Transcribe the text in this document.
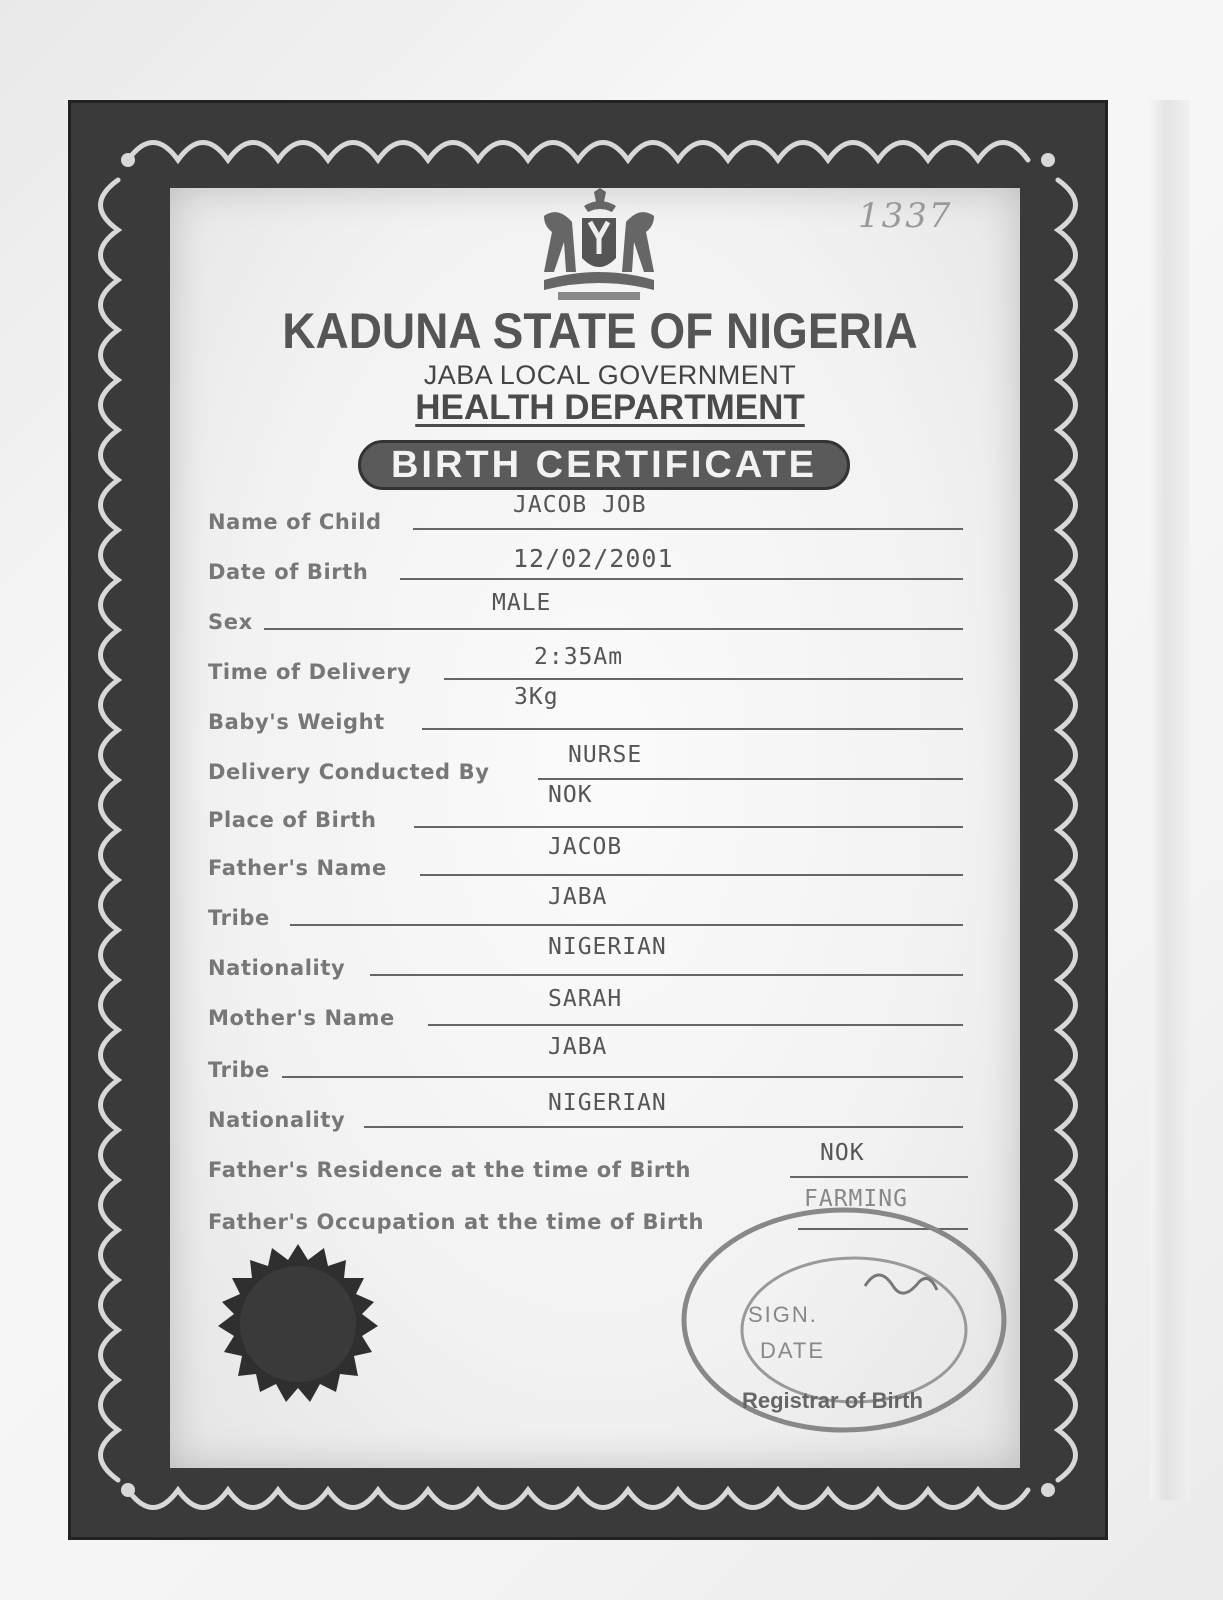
1337
KADUNA STATE OF NIGERIA
JABA LOCAL GOVERNMENT
HEALTH DEPARTMENT
BIRTH CERTIFICATE
Name of Child
JACOB JOB
Date of Birth	12/02/2001
Sex
MALE
Time of Delivery
2:35Am
Baby's Weight
3Kg
Delivery Conducted By
NURSE
Place of Birth
NOK
Father's Name
JACOB
Tribe
JABA
Nationality
NIGERIAN
Mother's Name
SARAH
Tribe
JABA
Nationality
NIGERIAN
Father's Residence at the time of Birth
NOK
Father's Occupation at the time of Birth
FARMING
SIGN.
DATE
Registrar of Birth
